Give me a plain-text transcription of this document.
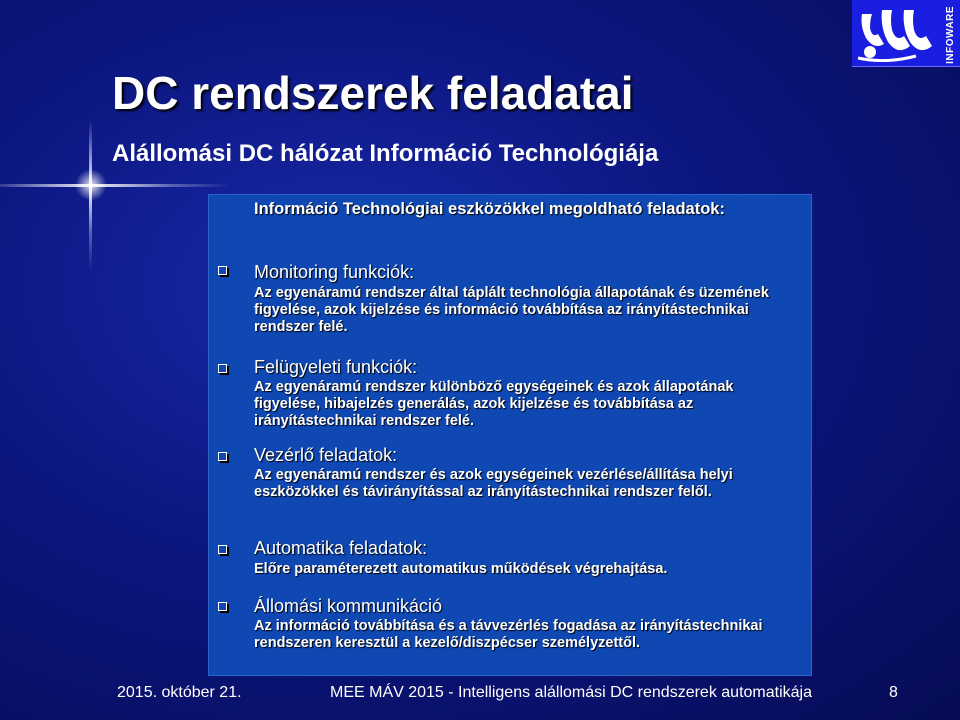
INFOWARE
DC rendszerek feladatai
Alállomási DC hálózat Információ Technológiája

Információ Technológiai eszközökkel megoldható feladatok:

Monitoring funkciók:

Az egyenáramú rendszer által táplált technológia állapotának és üzemének figyelése, azok kijelzése és információ továbbítása az irányítástechnikai rendszer felé.

Felügyeleti funkciók:

Az egyenáramú rendszer különböző egységeinek és azok állapotának figyelése, hibajelzés generálás, azok kijelzése és továbbítása az irányítástechnikai rendszer felé.

Vezérlő feladatok:

Az egyenáramú rendszer és azok egységeinek vezérlése/állítása helyi eszközökkel és távirányítással az irányítástechnikai rendszer felől.

Automatika feladatok:

Előre paraméterezett automatikus működések végrehajtása.

Állomási kommunikáció

Az információ továbbítása és a távvezérlés fogadása az irányítástechnikai rendszeren keresztül a kezelő/diszpécser személyzettől.

2015. október 21.	MEE MÁV 2015 - Intelligens alállomási DC rendszerek automatikája	8
